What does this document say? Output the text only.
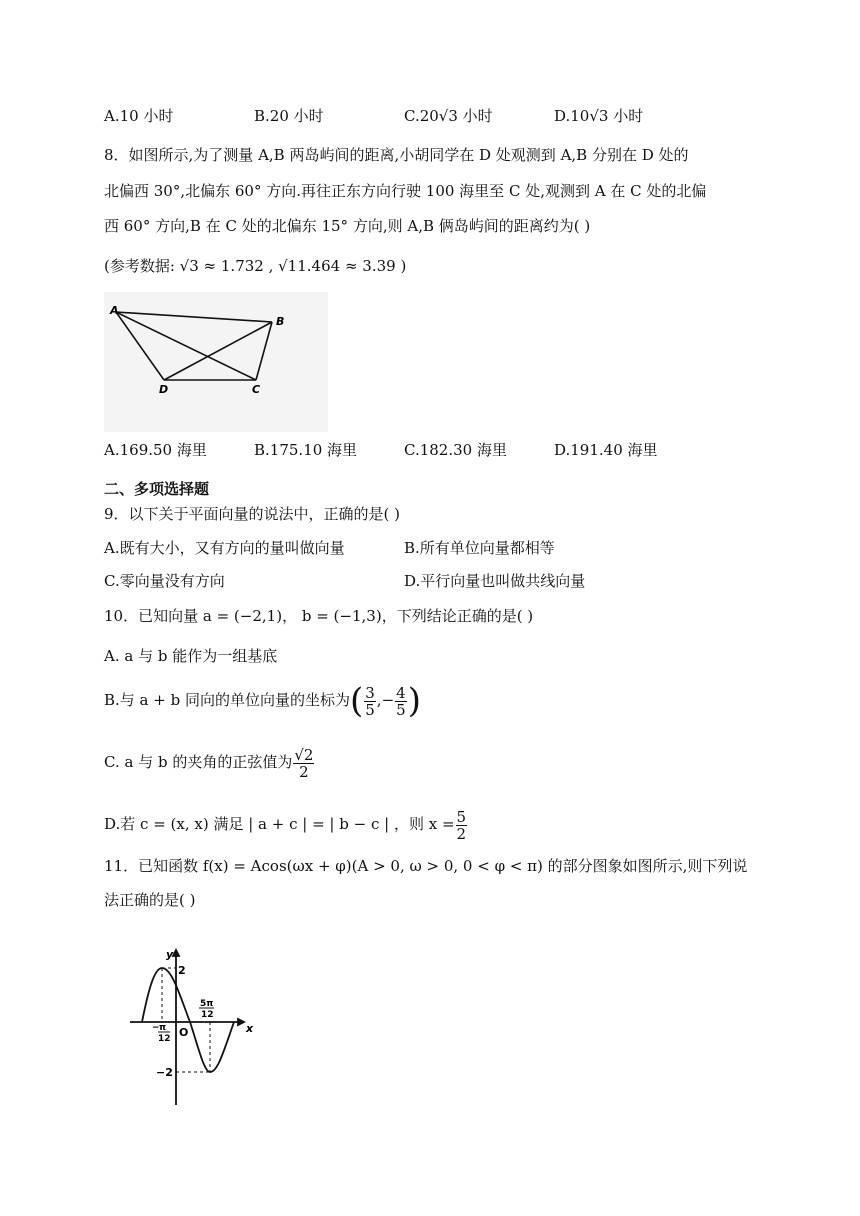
A.10 小时	B.20 小时	C.20√3 小时	D.10√3 小时
8．如图所示,为了测量 A,B 两岛屿间的距离,小胡同学在 D 处观测到 A,B 分别在 D 处的
北偏西 30°,北偏东 60° 方向.再往正东方向行驶 100 海里至 C 处,观测到 A 在 C 处的北偏
西 60° 方向,B 在 C 处的北偏东 15° 方向,则 A,B 俩岛屿间的距离约为( )
(参考数据: √3 ≈ 1.732 , √11.464 ≈ 3.39 )
A
B
D	C
A.169.50 海里	B.175.10 海里	C.182.30 海里	D.191.40 海里
二、多项选择题
9．以下关于平面向量的说法中，正确的是( )
A.既有大小，又有方向的量叫做向量	B.所有单位向量都相等
C.零向量没有方向	D.平行向量也叫做共线向量
10．已知向量 a = (−2,1)， b = (−1,3)，下列结论正确的是( )
A. a 与 b 能作为一组基底
B.与 a + b 同向的单位向量的坐标为( $\frac{3}{5}$ ,− $\frac{4}{5}$ )
C. a 与 b 的夹角的正弦值为 $\frac{√2}{2}$
D.若 c = (x, x) 满足 | a + c | = | b − c | ，则 $x = \frac{5}{2}$
11．已知函数 f(x) = Acos(ωx + φ)(A > 0, ω > 0, 0 < φ < π) 的部分图象如图所示,则下列说
法正确的是( )
y
x
O
2
−2
− π
12
5π
12
